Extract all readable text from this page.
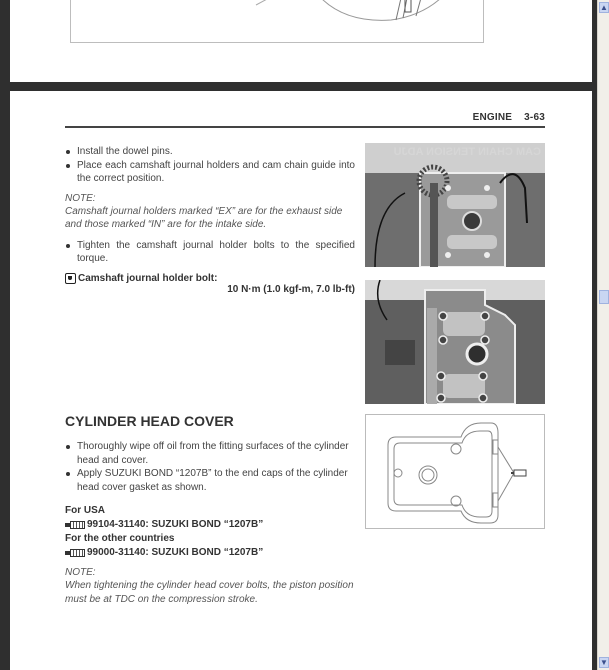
ENGINE 3-63
Install the dowel pins.
Place each camshaft journal holders and cam chain guide into the correct position.
NOTE:
Camshaft journal holders marked “EX” are for the exhaust side and those marked “IN” are for the intake side.
Tighten the camshaft journal holder bolts to the specified torque.
Camshaft journal holder bolt:
10 N·m (1.0 kgf-m, 7.0 lb-ft)
CAM CHAIN TENSION ADJU
CYLINDER HEAD COVER
Thoroughly wipe off oil from the fitting surfaces of the cylinder head and cover.
Apply SUZUKI BOND “1207B” to the end caps of the cylinder head cover gasket as shown.
For USA
99104-31140: SUZUKI BOND “1207B”
For the other countries
99000-31140: SUZUKI BOND “1207B”
NOTE:
When tightening the cylinder head cover bolts, the piston position must be at TDC on the compression stroke.
▲
▼
